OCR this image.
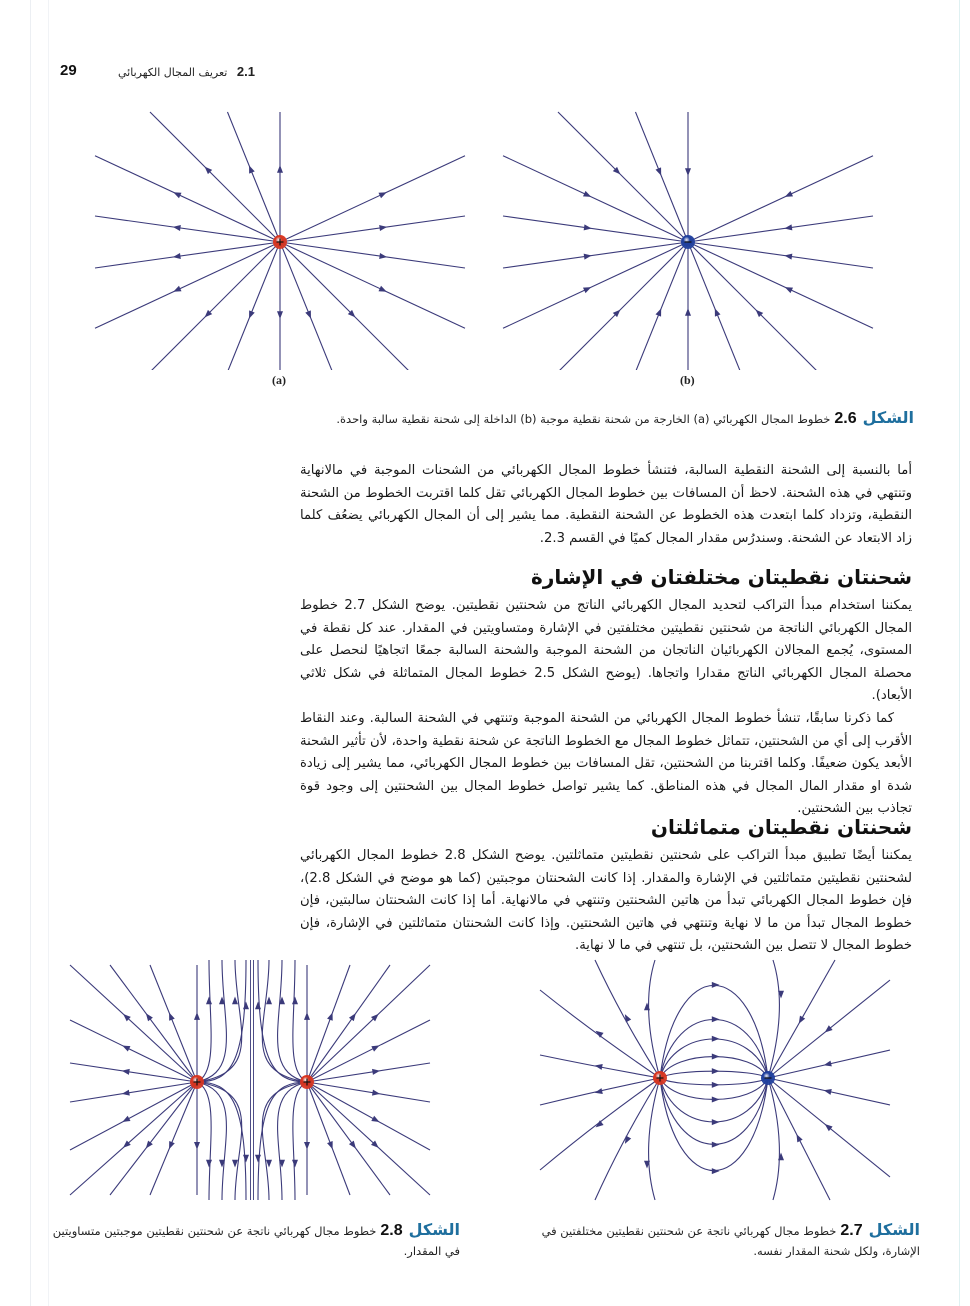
29	2.1 تعريف المجال الكهربائي
(a)	(b)
الشكل2.6خطوط المجال الكهربائي (a) الخارجة من شحنة نقطية موجبة (b) الداخلة إلى شحنة نقطية سالبة واحدة.

أما بالنسبة إلى الشحنة النقطية السالبة، فتنشأ خطوط المجال الكهربائي من الشحنات الموجبة في مالانهاية وتنتهي في هذه الشحنة. لاحظ أن المسافات بين خطوط المجال الكهربائي تقل كلما اقتربت الخطوط من الشحنة النقطية، وتزداد كلما ابتعدت هذه الخطوط عن الشحنة النقطية. مما يشير إلى أن المجال الكهربائي يضعُف كلما زاد الابتعاد عن الشحنة. وسندرُس مقدار المجال كميًا في القسم 2.3.

شحنتان نقطيتان مختلفتان في الإشارة

يمكننا استخدام مبدأ التراكب لتحديد المجال الكهربائي الناتج من شحنتين نقطيتين. يوضح الشكل 2.7 خطوط المجال الكهربائي الناتجة من شحنتين نقطيتين مختلفتين في الإشارة ومتساويتين في المقدار. عند كل نقطة في المستوى، يُجمع المجالان الكهربائيان الناتجان من الشحنة الموجبة والشحنة السالبة جمعًا اتجاهيًا لنحصل على محصلة المجال الكهربائي الناتج مقدارا واتجاها. (يوضح الشكل 2.5 خطوط المجال المتماثلة في شكل ثلاثي الأبعاد).

كما ذكرنا سابقًا، تنشأ خطوط المجال الكهربائي من الشحنة الموجبة وتنتهي في الشحنة السالبة. وعند النقاط الأقرب إلى أي من الشحنتين، تتماثل خطوط المجال مع الخطوط الناتجة عن شحنة نقطية واحدة، لأن تأثير الشحنة الأبعد يكون ضعيفًا. وكلما اقتربنا من الشحنتين، تقل المسافات بين خطوط المجال الكهربائي، مما يشير إلى زيادة شدة او مقدار المال المجال في هذه المناطق. كما يشير تواصل خطوط المجال بين الشحنتين إلى وجود قوة تجاذب بين الشحنتين.

شحنتان نقطيتان متماثلتان

يمكننا أيضًا تطبيق مبدأ التراكب على شحنتين نقطيتين متماثلتين. يوضح الشكل 2.8 خطوط المجال الكهربائي لشحنتين نقطيتين متماثلتين في الإشارة والمقدار. إذا كانت الشحنتان موجبتين (كما هو موضح في الشكل 2.8)، فإن خطوط المجال الكهربائي تبدأ من هاتين الشحنتين وتنتهي في مالانهاية. أما إذا كانت الشحنتان سالبتين، فإن خطوط المجال تبدأ من ما لا نهاية وتنتهي في هاتين الشحنتين. وإذا كانت الشحنتان متماثلتين في الإشارة، فإن خطوط المجال لا تتصل بين الشحنتين، بل تنتهي في ما لا نهاية.

الشكل2.8خطوط مجال كهربائي ناتجة عن شحنتين نقطيتين موجبتين متساويتين في المقدار.
الشكل2.7خطوط مجال كهربائي ناتجة عن شحنتين نقطيتين مختلفتين في الإشارة، ولكل شحنة المقدار نفسه.
